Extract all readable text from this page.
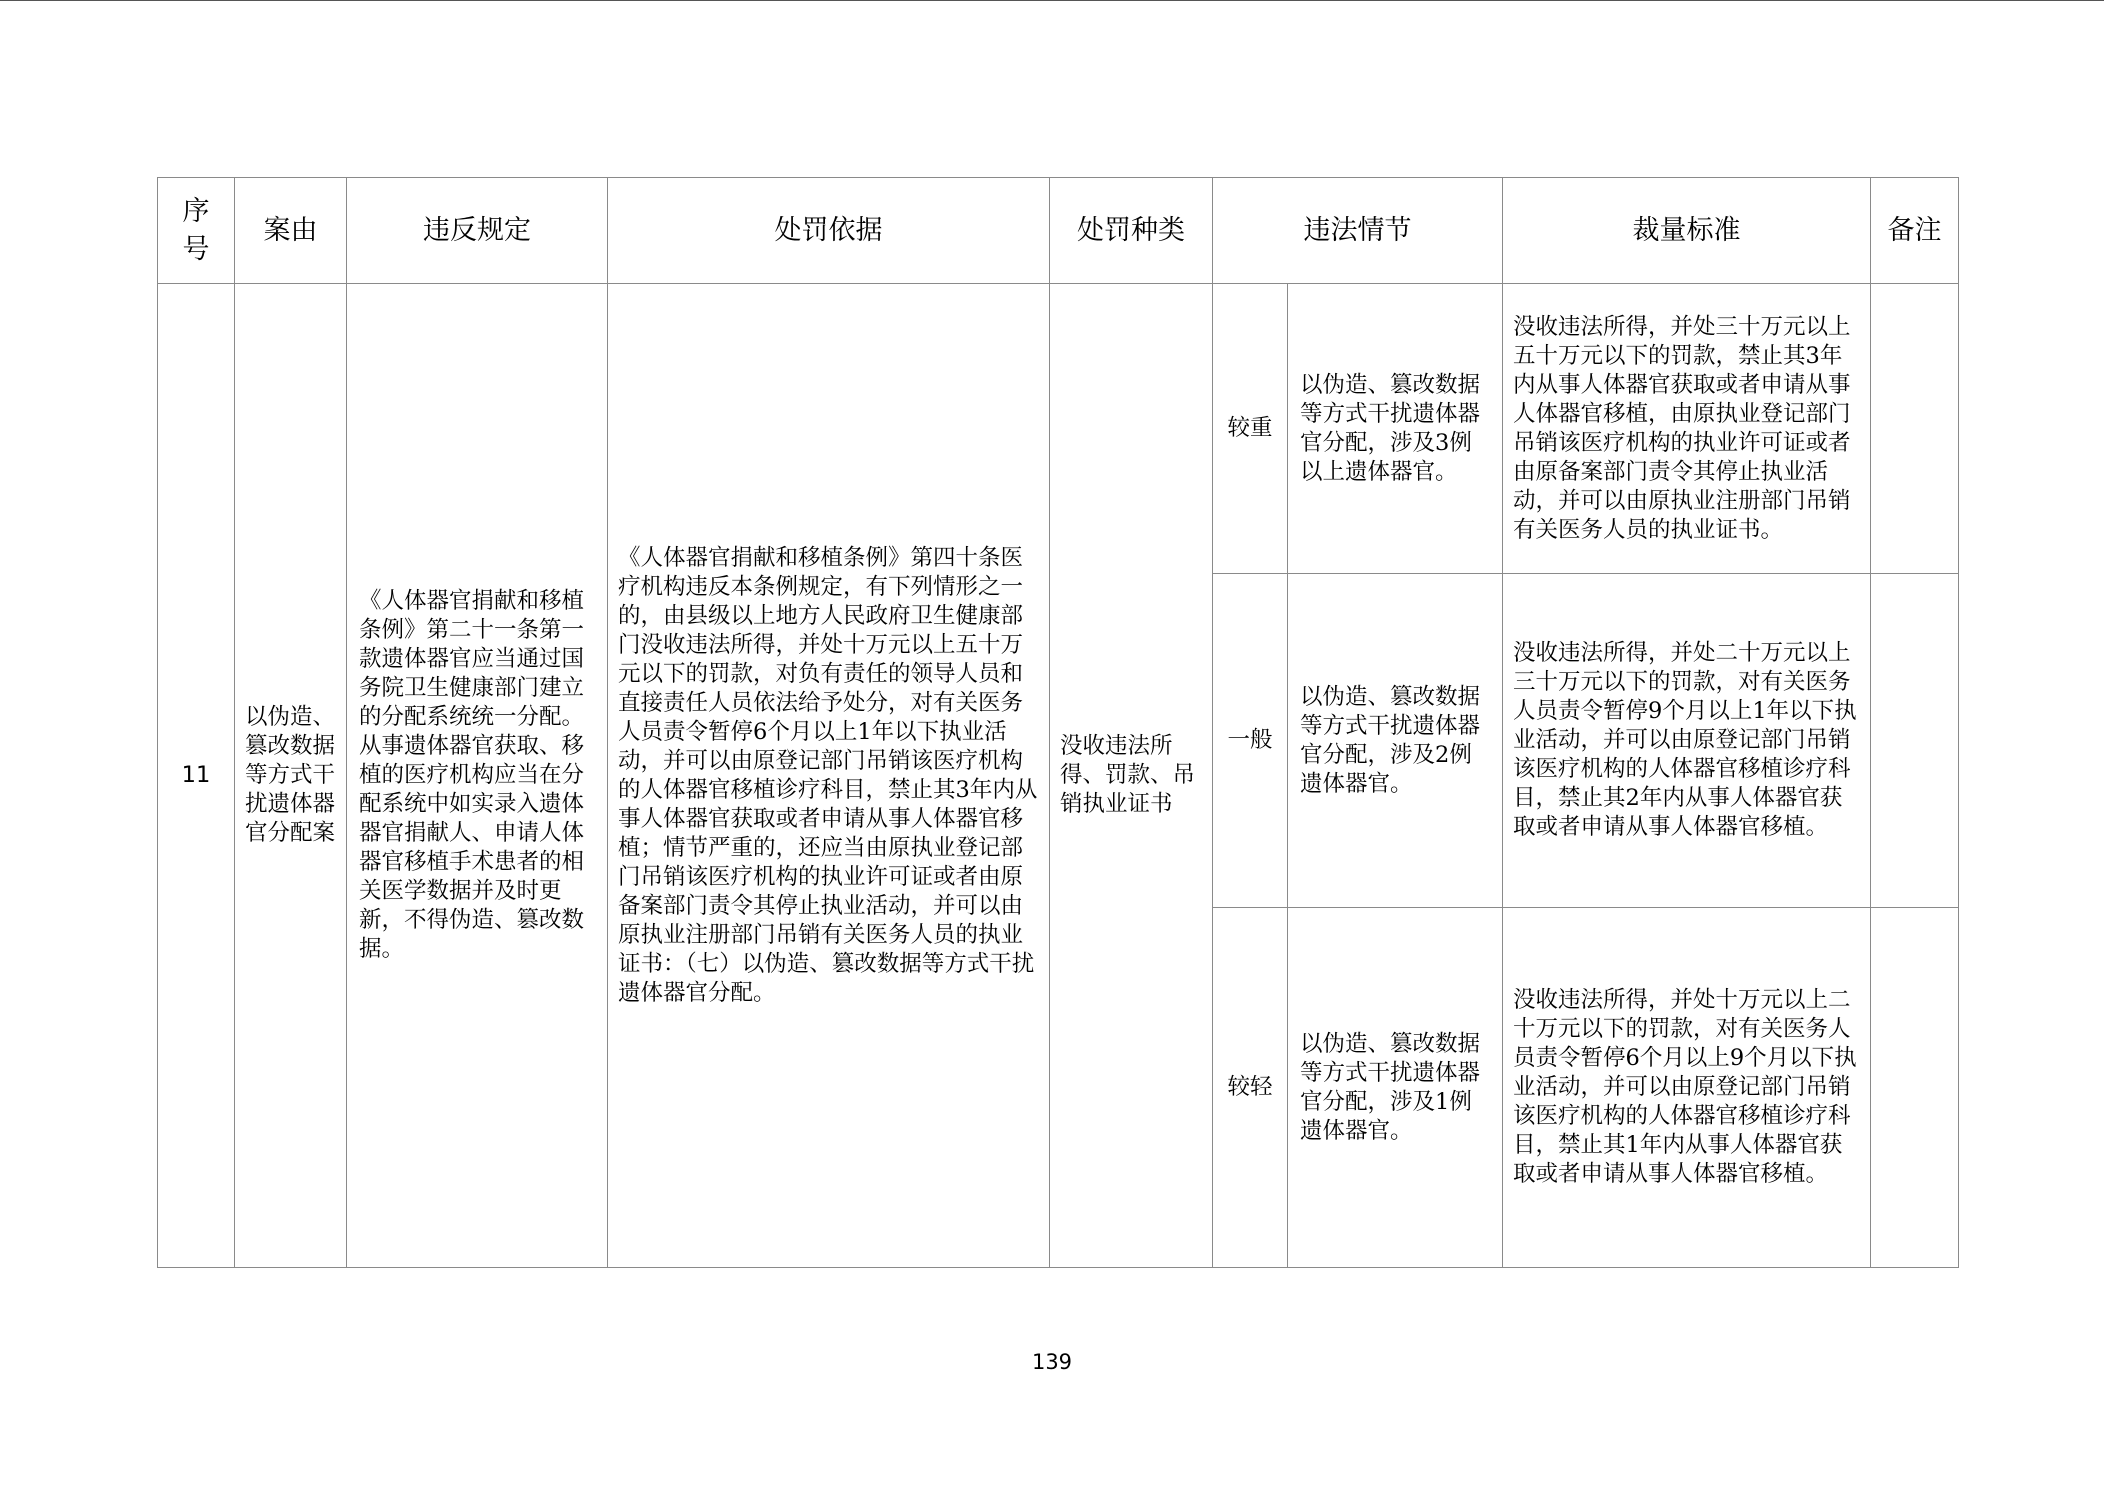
序号	案由	违反规定	处罚依据	处罚种类	违法情节		裁量标准	备注
11	以伪造、篡改数据等方式干扰遗体器官分配案	《人体器官捐献和移植条例》第二十一条第一款遗体器官应当通过国务院卫生健康部门建立的分配系统统一分配。从事遗体器官获取、移植的医疗机构应当在分配系统中如实录入遗体器官捐献人、申请人体器官移植手术患者的相关医学数据并及时更新，不得伪造、篡改数据。	《人体器官捐献和移植条例》第四十条医疗机构违反本条例规定，有下列情形之一的，由县级以上地方人民政府卫生健康部门没收违法所得，并处十万元以上五十万元以下的罚款，对负有责任的领导人员和直接责任人员依法给予处分，对有关医务人员责令暂停6个月以上1年以下执业活动，并可以由原登记部门吊销该医疗机构的人体器官移植诊疗科目，禁止其3年内从事人体器官获取或者申请从事人体器官移植；情节严重的，还应当由原执业登记部门吊销该医疗机构的执业许可证或者由原备案部门责令其停止执业活动，并可以由原执业注册部门吊销有关医务人员的执业证书：（七）以伪造、篡改数据等方式干扰遗体器官分配。	没收违法所得、罚款、吊销执业证书	较重	以伪造、篡改数据等方式干扰遗体器官分配，涉及3例以上遗体器官。	没收违法所得，并处三十万元以上五十万元以下的罚款，禁止其3年内从事人体器官获取或者申请从事人体器官移植，由原执业登记部门吊销该医疗机构的执业许可证或者由原备案部门责令其停止执业活动，并可以由原执业注册部门吊销有关医务人员的执业证书。	
					一般	以伪造、篡改数据等方式干扰遗体器官分配，涉及2例遗体器官。	没收违法所得，并处二十万元以上三十万元以下的罚款，对有关医务人员责令暂停9个月以上1年以下执业活动，并可以由原登记部门吊销该医疗机构的人体器官移植诊疗科目，禁止其2年内从事人体器官获取或者申请从事人体器官移植。	
					较轻	以伪造、篡改数据等方式干扰遗体器官分配，涉及1例遗体器官。	没收违法所得，并处十万元以上二十万元以下的罚款，对有关医务人员责令暂停6个月以上9个月以下执业活动，并可以由原登记部门吊销该医疗机构的人体器官移植诊疗科目，禁止其1年内从事人体器官获取或者申请从事人体器官移植。	
139
